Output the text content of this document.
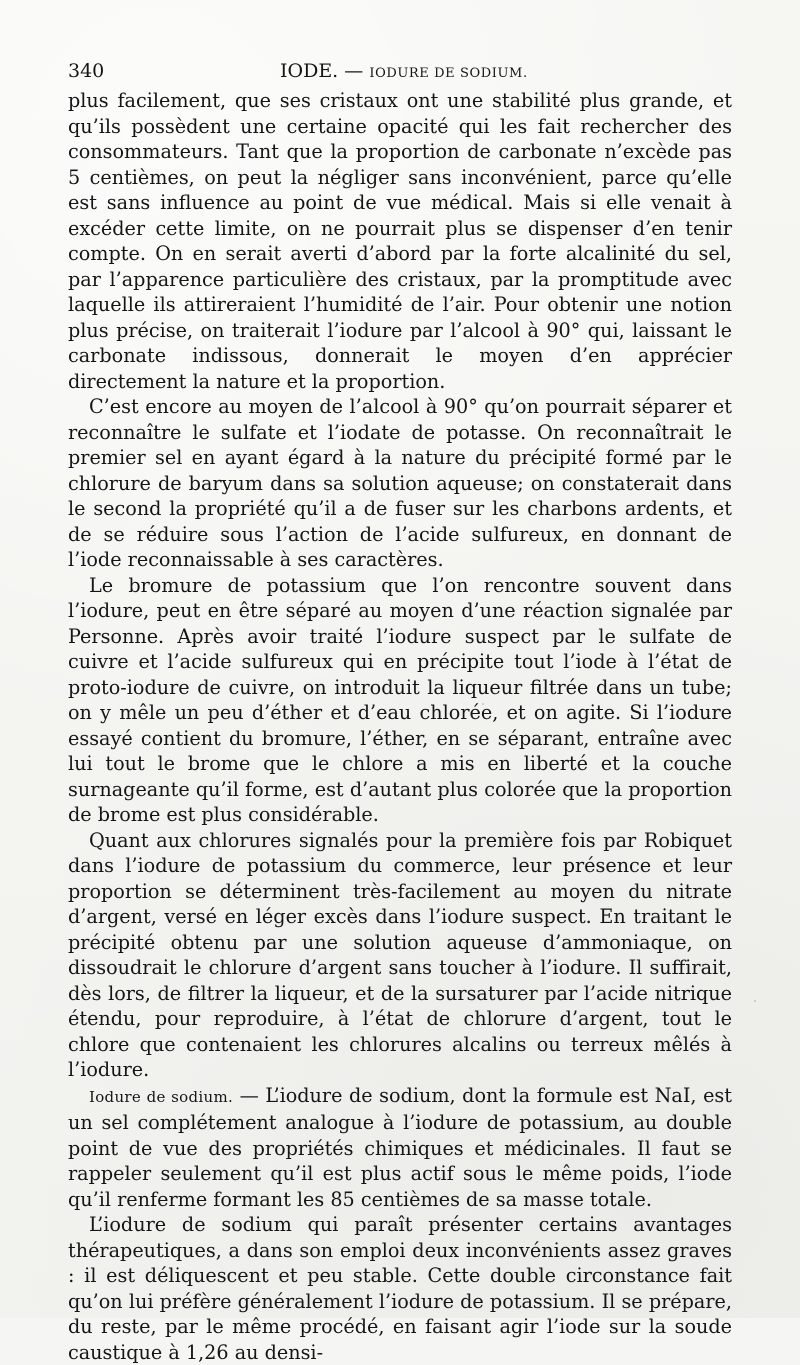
340	IODE. — IODURE DE SODIUM.

plus facilement, que ses cristaux ont une stabilité plus grande, et qu’ils possèdent une certaine opacité qui les fait rechercher des consommateurs. Tant que la proportion de carbonate n’excède pas 5 centièmes, on peut la négliger sans inconvénient, parce qu’elle est sans influence au point de vue médical. Mais si elle venait à excéder cette limite, on ne pourrait plus se dispenser d’en tenir compte. On en serait averti d’abord par la forte alcalinité du sel, par l’apparence particulière des cristaux, par la promptitude avec laquelle ils attireraient l’humidité de l’air. Pour obtenir une notion plus précise, on traiterait l’iodure par l’alcool à 90° qui, laissant le carbonate indissous, donnerait le moyen d’en apprécier directement la nature et la proportion.

C’est encore au moyen de l’alcool à 90° qu’on pourrait séparer et reconnaître le sulfate et l’iodate de potasse. On reconnaîtrait le premier sel en ayant égard à la nature du précipité formé par le chlorure de baryum dans sa solution aqueuse; on constaterait dans le second la propriété qu’il a de fuser sur les charbons ardents, et de se réduire sous l’action de l’acide sulfureux, en donnant de l’iode reconnaissable à ses caractères.

Le bromure de potassium que l’on rencontre souvent dans l’iodure, peut en être séparé au moyen d’une réaction signalée par Personne. Après avoir traité l’iodure suspect par le sulfate de cuivre et l’acide sulfureux qui en précipite tout l’iode à l’état de proto-iodure de cuivre, on introduit la liqueur filtrée dans un tube; on y mêle un peu d’éther et d’eau chlorée, et on agite. Si l’iodure essayé contient du bromure, l’éther, en se séparant, entraîne avec lui tout le brome que le chlore a mis en liberté et la couche surnageante qu’il forme, est d’autant plus colorée que la proportion de brome est plus considérable.

Quant aux chlorures signalés pour la première fois par Robiquet dans l’iodure de potassium du commerce, leur présence et leur proportion se déterminent très-facilement au moyen du nitrate d’argent, versé en léger excès dans l’iodure suspect. En traitant le précipité obtenu par une solution aqueuse d’ammoniaque, on dissoudrait le chlorure d’argent sans toucher à l’iodure. Il suffirait, dès lors, de filtrer la liqueur, et de la sursaturer par l’acide nitrique étendu, pour reproduire, à l’état de chlorure d’argent, tout le chlore que contenaient les chlorures alcalins ou terreux mêlés à l’iodure.

Iodure de sodium. — L’iodure de sodium, dont la formule est NaI, est un sel complétement analogue à l’iodure de potassium, au double point de vue des propriétés chimiques et médicinales. Il faut se rappeler seulement qu’il est plus actif sous le même poids, l’iode qu’il renferme formant les 85 centièmes de sa masse totale.

L’iodure de sodium qui paraît présenter certains avantages thérapeutiques, a dans son emploi deux inconvénients assez graves : il est déliquescent et peu stable. Cette double circonstance fait qu’on lui préfère généralement l’iodure de potassium. Il se prépare, du reste, par le même procédé, en faisant agir l’iode sur la soude caustique à 1,26 au densi-
